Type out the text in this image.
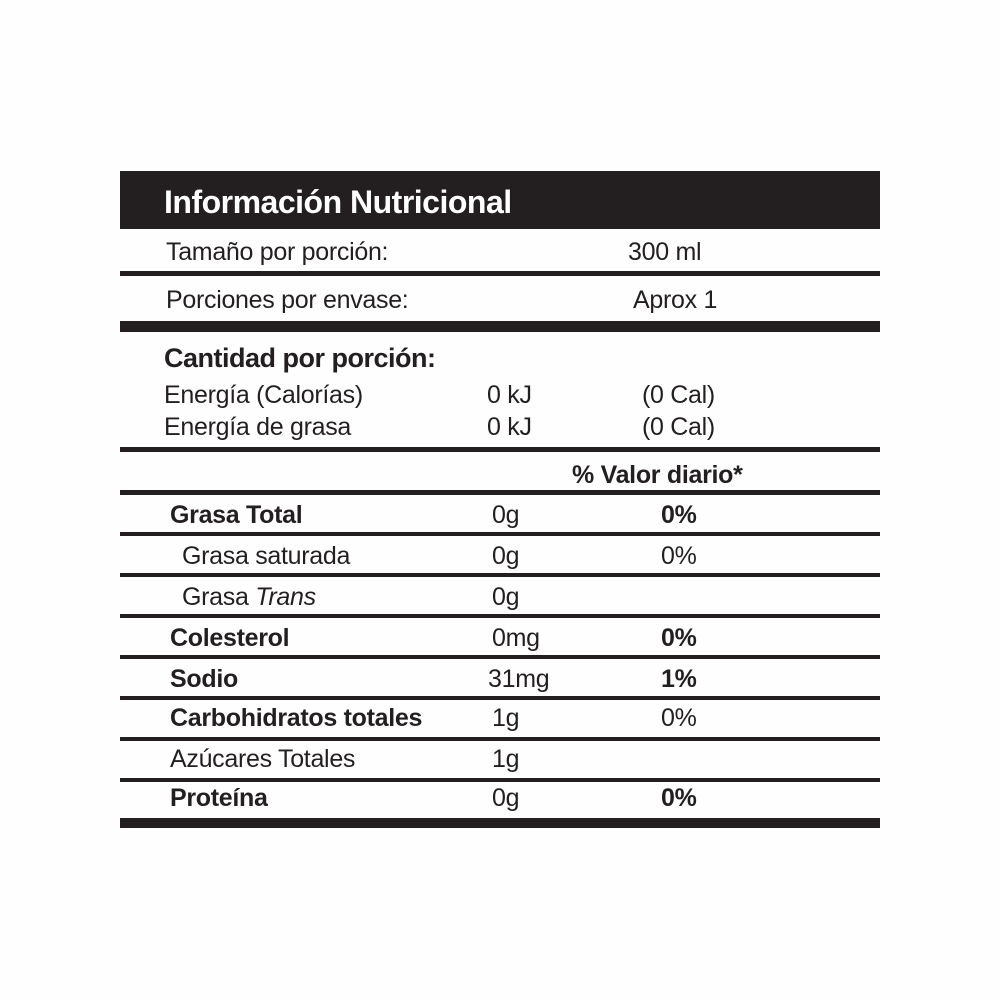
Información Nutricional
Tamaño por porción:	300 ml
Porciones por envase:	Aprox 1
Cantidad por porción:
Energía (Calorías)	0 kJ	(0 Cal)
Energía de grasa	0 kJ	(0 Cal)
% Valor diario*
Grasa Total	0g	0%
Grasa saturada	0g	0%
Grasa Trans	0g
Colesterol	0mg	0%
Sodio	31mg	1%
Carbohidratos totales	1g	0%
Azúcares Totales	1g
Proteína	0g	0%
